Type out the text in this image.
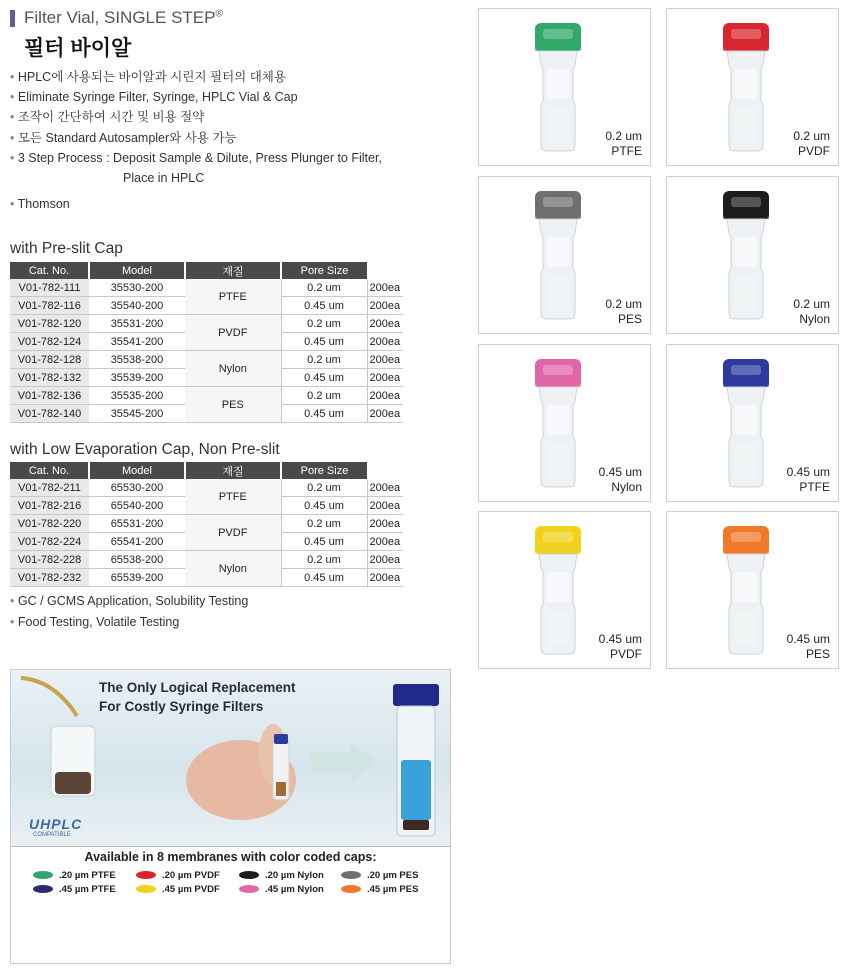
Filter Vial, SINGLE STEP®
필터 바이알
• HPLC에 사용되는 바이알과 시린지 필터의 대체용
• Eliminate Syringe Filter, Syringe, HPLC Vial & Cap
• 조작이 간단하여 시간 및 비용 절약
• 모든 Standard Autosampler와 사용 가능
• 3 Step Process : Deposit Sample & Dilute, Press Plunger to Filter,
Place in HPLC
• Thomson
with Pre-slit Cap
Cat. No.	Model	재질	Pore Size	
V01-782-111	35530-200	PTFE	0.2 um	200ea
V01-782-116	35540-200		0.45 um	200ea
V01-782-120	35531-200	PVDF	0.2 um	200ea
V01-782-124	35541-200		0.45 um	200ea
V01-782-128	35538-200	Nylon	0.2 um	200ea
V01-782-132	35539-200		0.45 um	200ea
V01-782-136	35535-200	PES	0.2 um	200ea
V01-782-140	35545-200		0.45 um	200ea
with Low Evaporation Cap, Non Pre-slit
Cat. No.	Model	재질	Pore Size	
V01-782-211	65530-200	PTFE	0.2 um	200ea
V01-782-216	65540-200		0.45 um	200ea
V01-782-220	65531-200	PVDF	0.2 um	200ea
V01-782-224	65541-200		0.45 um	200ea
V01-782-228	65538-200	Nylon	0.2 um	200ea
V01-782-232	65539-200		0.45 um	200ea
• GC / GCMS Application, Solubility Testing
• Food Testing, Volatile Testing
0.2 um
PTFE
0.2 um
PVDF
0.2 um
PES
0.2 um
Nylon
0.45 um
Nylon
0.45 um
PTFE
0.45 um
PVDF
0.45 um
PES
The Only Logical Replacement
For Costly Syringe Filters
UHPLC
COMPATIBLE
Available in 8 membranes with color coded caps:
.20 µm PTFE	.20 µm PVDF	.20 µm Nylon	.20 µm PES
.45 µm PTFE	.45 µm PVDF	.45 µm Nylon	.45 µm PES
